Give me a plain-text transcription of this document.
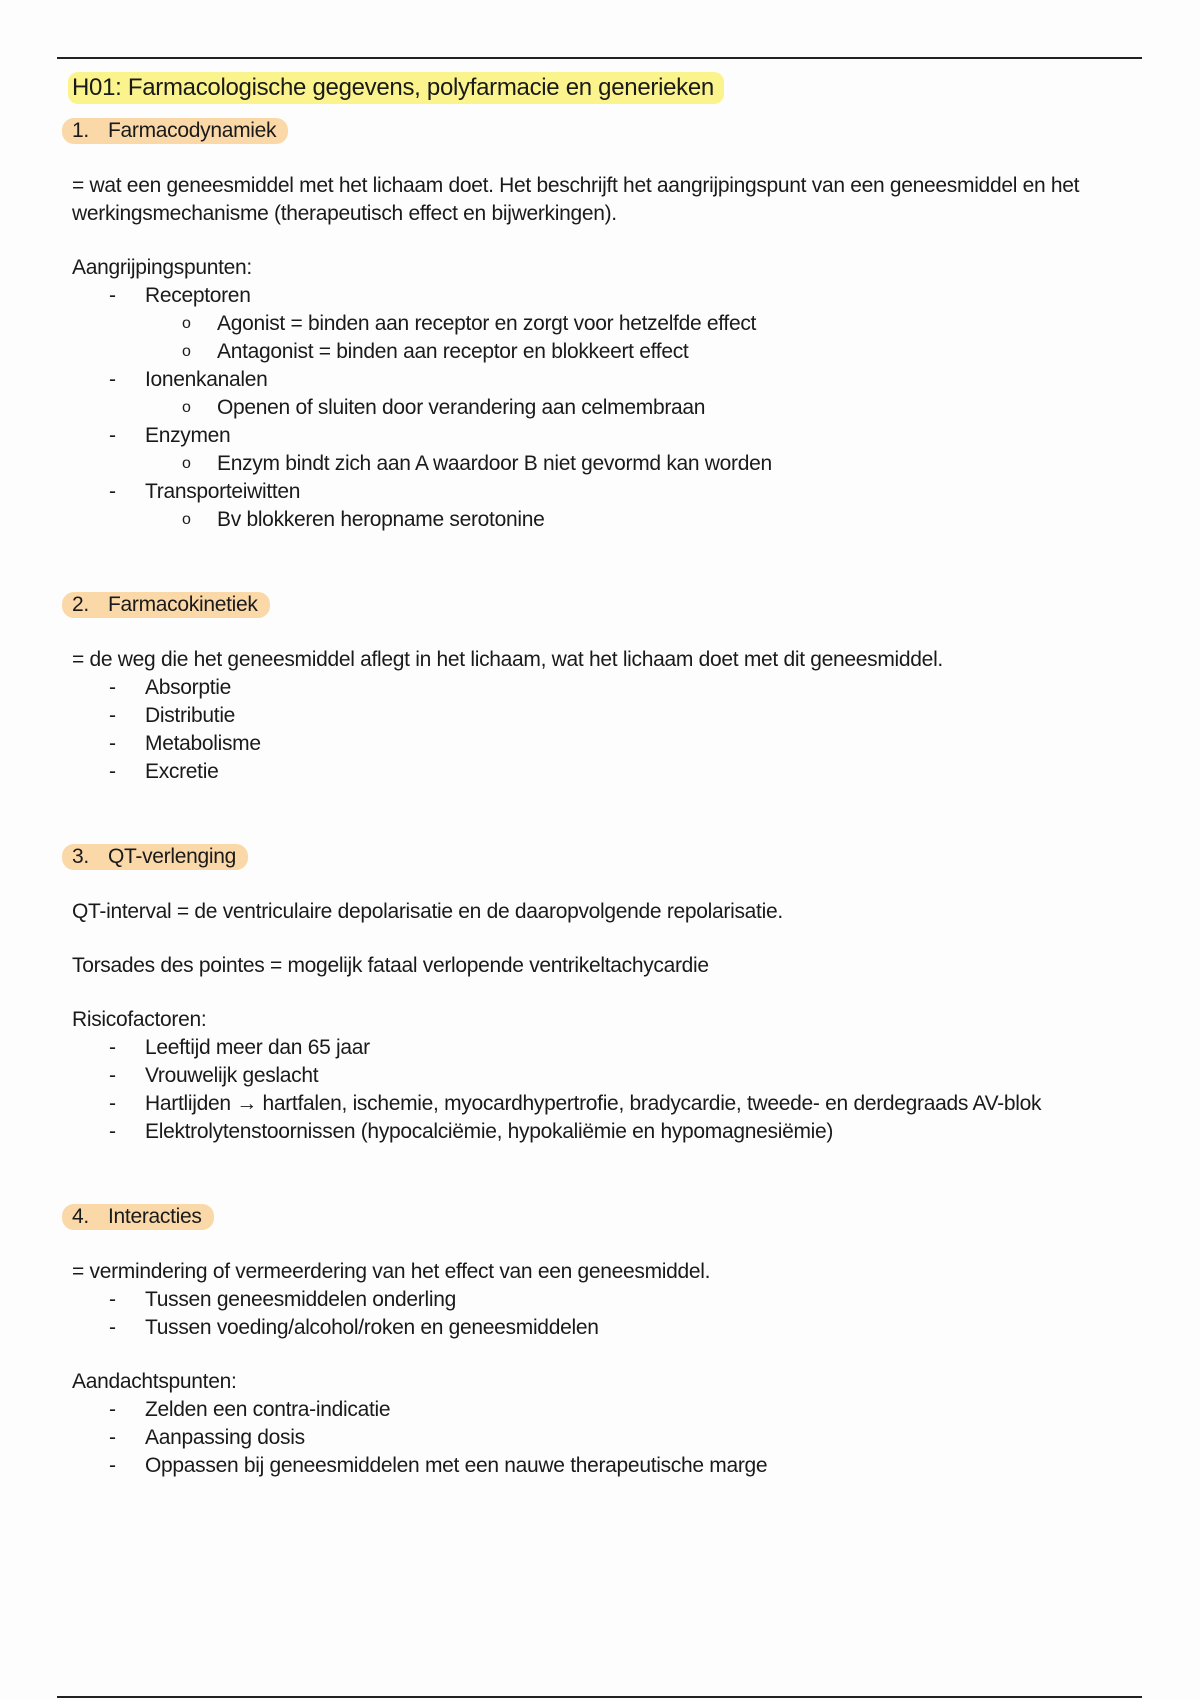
H01: Farmacologische gegevens, polyfarmacie en generieken
1. Farmacodynamiek
= wat een geneesmiddel met het lichaam doet. Het beschrijft het aangrijpingspunt van een geneesmiddel en het werkingsmechanisme (therapeutisch effect en bijwerkingen).
Aangrijpingspunten:
- Receptoren
o Agonist = binden aan receptor en zorgt voor hetzelfde effect
o Antagonist = binden aan receptor en blokkeert effect
- Ionenkanalen
o Openen of sluiten door verandering aan celmembraan
- Enzymen
o Enzym bindt zich aan A waardoor B niet gevormd kan worden
- Transporteiwitten
o Bv blokkeren heropname serotonine
2. Farmacokinetiek
= de weg die het geneesmiddel aflegt in het lichaam, wat het lichaam doet met dit geneesmiddel.
- Absorptie
- Distributie
- Metabolisme
- Excretie
3. QT-verlenging
QT-interval = de ventriculaire depolarisatie en de daaropvolgende repolarisatie.
Torsades des pointes = mogelijk fataal verlopende ventrikeltachycardie
Risicofactoren:
- Leeftijd meer dan 65 jaar
- Vrouwelijk geslacht
- Hartlijden → hartfalen, ischemie, myocardhypertrofie, bradycardie, tweede- en derdegraads AV-blok
- Elektrolytenstoornissen (hypocalciëmie, hypokaliëmie en hypomagnesiëmie)
4. Interacties
= vermindering of vermeerdering van het effect van een geneesmiddel.
- Tussen geneesmiddelen onderling
- Tussen voeding/alcohol/roken en geneesmiddelen
Aandachtspunten:
- Zelden een contra-indicatie
- Aanpassing dosis
- Oppassen bij geneesmiddelen met een nauwe therapeutische marge
